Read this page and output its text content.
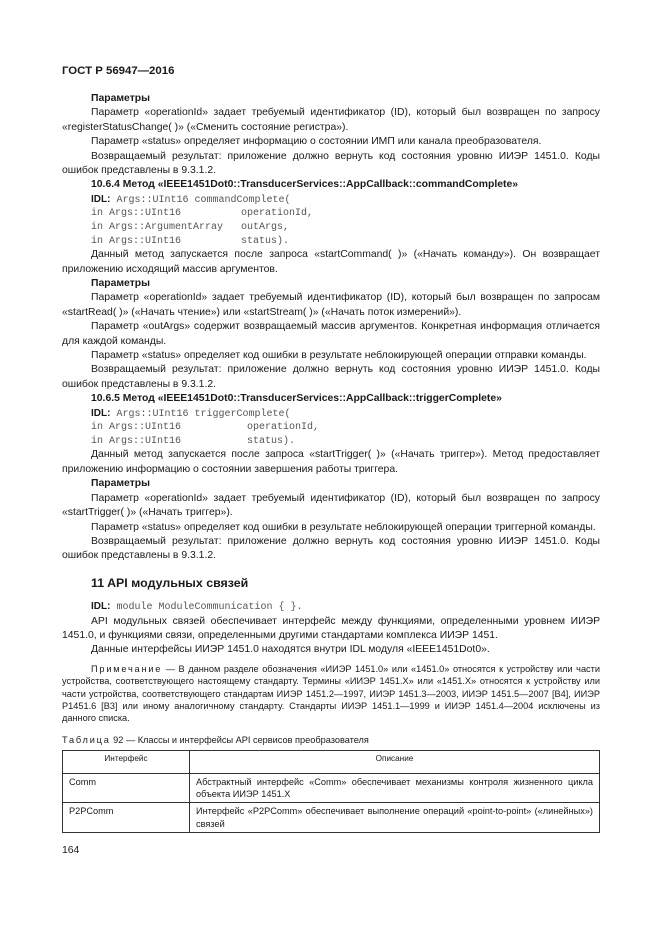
ГОСТ Р 56947—2016

Параметры

Параметр «operationId» задает требуемый идентификатор (ID), который был возвращен по запросу «registerStatusChange( )» («Сменить состояние регистра»).

Параметр «status» определяет информацию о состоянии ИМП или канала преобразователя.

Возвращаемый результат: приложение должно вернуть код состояния уровню ИИЭР 1451.0. Коды ошибок представлены в 9.3.1.2.

10.6.4 Метод «IEEE1451Dot0::TransducerServices::AppCallback::commandComplete»

IDL: Args::UInt16 commandComplete(
in Args::UInt16          operationId,
in Args::ArgumentArray   outArgs,
in Args::UInt16          status).

Данный метод запускается после запроса «startCommand( )» («Начать команду»). Он возвращает приложению исходящий массив аргументов.

Параметры

Параметр «operationId» задает требуемый идентификатор (ID), который был возвращен по запросам «startRead( )» («Начать чтение») или «startStream( )» («Начать поток измерений»).

Параметр «outArgs» содержит возвращаемый массив аргументов. Конкретная информация отличается для каждой команды.

Параметр «status» определяет код ошибки в результате неблокирующей операции отправки команды.

Возвращаемый результат: приложение должно вернуть код состояния уровню ИИЭР 1451.0. Коды ошибок представлены в 9.3.1.2.

10.6.5 Метод «IEEE1451Dot0::TransducerServices::AppCallback::triggerComplete»

IDL: Args::UInt16 triggerComplete(
in Args::UInt16           operationId,
in Args::UInt16           status).

Данный метод запускается после запроса «startTrigger( )» («Начать триггер»). Метод предоставляет приложению информацию о состоянии завершения работы триггера.

Параметры

Параметр «operationId» задает требуемый идентификатор (ID), который был возвращен по запросу «startTrigger( )» («Начать триггер»).

Параметр «status» определяет код ошибки в результате неблокирующей операции триггерной команды.

Возвращаемый результат: приложение должно вернуть код состояния уровню ИИЭР 1451.0. Коды ошибок представлены в 9.3.1.2.

11 API модульных связей
IDL: module ModuleCommunication { }.

API модульных связей обеспечивает интерфейс между функциями, определенными уровнем ИИЭР 1451.0, и функциями связи, определенными другими стандартами комплекса ИИЭР 1451.

Данные интерфейсы ИИЭР 1451.0 находятся внутри IDL модуля «IEEE1451Dot0».

Примечание — В данном разделе обозначения «ИИЭР 1451.0» или «1451.0» относятся к устройству или части устройства, соответствующего настоящему стандарту. Термины «ИИЭР 1451.X» или «1451.X» относятся к устройству или части устройства, соответствующего стандартам ИИЭР 1451.2—1997, ИИЭР 1451.3—2003, ИИЭР 1451.5—2007 [B4], ИИЭР P1451.6 [B3] или иному аналогичному стандарту. Стандарты ИИЭР 1451.1—1999 и ИИЭР 1451.4—2004 исключены из данного списка.

Таблица 92 — Классы и интерфейсы API сервисов преобразователя
Интерфейс	Описание
Comm	Абстрактный интерфейс «Comm» обеспечивает механизмы контроля жизненного цикла объекта ИИЭР 1451.X
P2PComm	Интерфейс «P2PComm» обеспечивает выполнение операций «point-to-point» («линейных») связей
164
